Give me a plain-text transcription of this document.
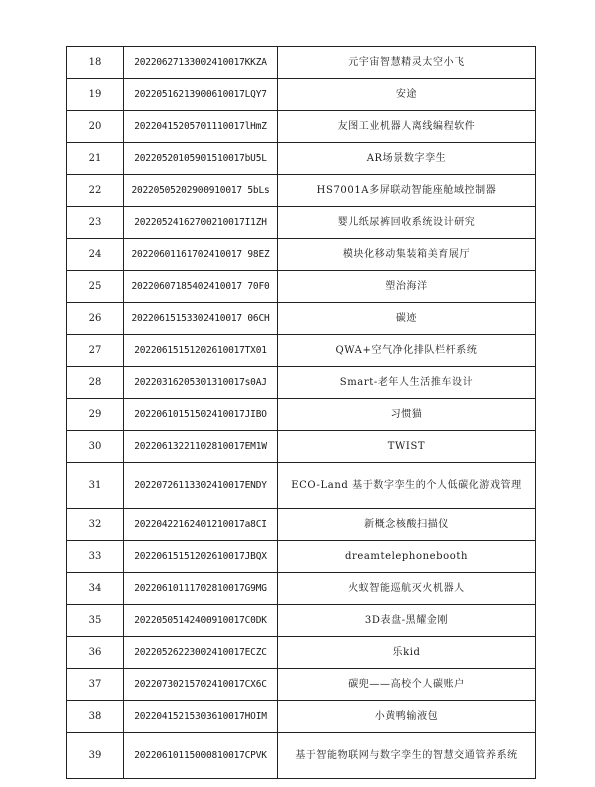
18	20220627133002410017KKZA	元宇宙智慧精灵太空小飞
19	20220516213900610017LQY7	安途
20	20220415205701110017lHmZ	友图工业机器人离线编程软件
21	20220520105901510017bU5L	AR场景数字孪生
22	20220505202900910017 5bLs	HS7001A多屏联动智能座舱域控制器
23	20220524162700210017I1ZH	婴儿纸尿裤回收系统设计研究
24	20220601161702410017 98EZ	模块化移动集装箱美育展厅
25	20220607185402410017 70F0	塑治海洋
26	20220615153302410017 06CH	碳迹
27	20220615151202610017TX01	QWA+空气净化排队栏杆系统
28	20220316205301310017s0AJ	Smart-老年人生活推车设计
29	20220610151502410017JIBO	习惯猫
30	20220613221102810017EM1W	TWIST
31	20220726113302410017ENDY	ECO-Land 基于数字孪生的个人低碳化游戏管理
32	20220422162401210017a8CI	新概念核酸扫描仪
33	20220615151202610017JBQX	dreamtelephonebooth
34	20220610111702810017G9MG	火蚁智能巡航灭火机器人
35	20220505142400910017C0DK	3D表盘-黑耀金刚
36	20220526223002410017ECZC	乐kid
37	20220730215702410017CX6C	碳兜——高校个人碳账户
38	20220415215303610017HOIM	小黄鸭输液包
39	20220610115000810017CPVK	基于智能物联网与数字孪生的智慧交通管养系统
